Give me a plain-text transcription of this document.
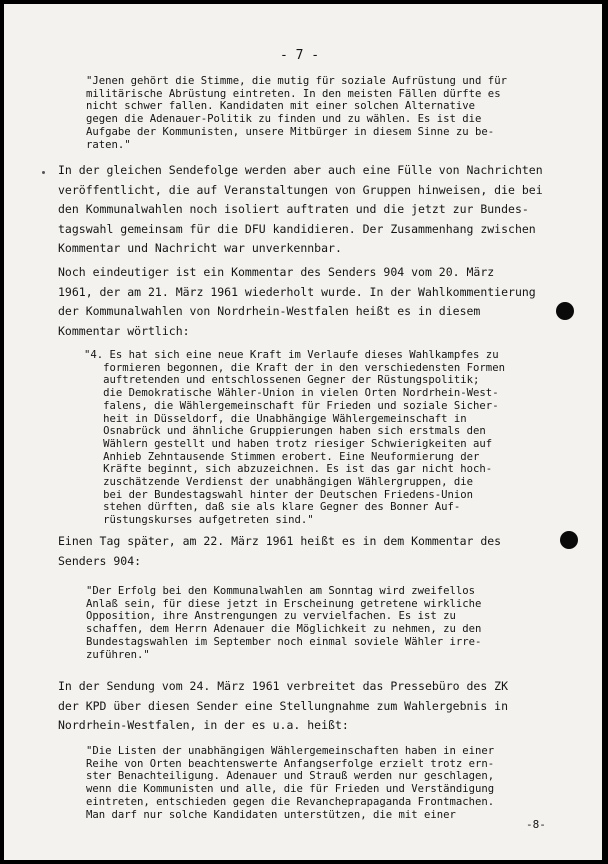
- 7 -
"Jenen gehört die Stimme, die mutig für soziale Aufrüstung und für
militärische Abrüstung eintreten. In den meisten Fällen dürfte es
nicht schwer fallen. Kandidaten mit einer solchen Alternative
gegen die Adenauer-Politik zu finden und zu wählen. Es ist die
Aufgabe der Kommunisten, unsere Mitbürger in diesem Sinne zu be-
raten."
In der gleichen Sendefolge werden aber auch eine Fülle von Nachrichten
veröffentlicht, die auf Veranstaltungen von Gruppen hinweisen, die bei
den Kommunalwahlen noch isoliert auftraten und die jetzt zur Bundes-
tagswahl gemeinsam für die DFU kandidieren. Der Zusammenhang zwischen
Kommentar und Nachricht war unverkennbar.
Noch eindeutiger ist ein Kommentar des Senders 904 vom 20. März
1961, der am 21. März 1961 wiederholt wurde. In der Wahlkommentierung
der Kommunalwahlen von Nordrhein-Westfalen heißt es in diesem
Kommentar wörtlich:
"4. Es hat sich eine neue Kraft im Verlaufe dieses Wahlkampfes zu
formieren begonnen, die Kraft der in den verschiedensten Formen
auftretenden und entschlossenen Gegner der Rüstungspolitik;
die Demokratische Wähler-Union in vielen Orten Nordrhein-West-
falens, die Wählergemeinschaft für Frieden und soziale Sicher-
heit in Düsseldorf, die Unabhängige Wählergemeinschaft in
Osnabrück und ähnliche Gruppierungen haben sich erstmals den
Wählern gestellt und haben trotz riesiger Schwierigkeiten auf
Anhieb Zehntausende Stimmen erobert. Eine Neuformierung der
Kräfte beginnt, sich abzuzeichnen. Es ist das gar nicht hoch-
zuschätzende Verdienst der unabhängigen Wählergruppen, die
bei der Bundestagswahl hinter der Deutschen Friedens-Union
stehen dürften, daß sie als klare Gegner des Bonner Auf-
rüstungskurses aufgetreten sind."
Einen Tag später, am 22. März 1961 heißt es in dem Kommentar des
Senders 904:
"Der Erfolg bei den Kommunalwahlen am Sonntag wird zweifellos
Anlaß sein, für diese jetzt in Erscheinung getretene wirkliche
Opposition, ihre Anstrengungen zu vervielfachen. Es ist zu
schaffen, dem Herrn Adenauer die Möglichkeit zu nehmen, zu den
Bundestagswahlen im September noch einmal soviele Wähler irre-
zuführen."
In der Sendung vom 24. März 1961 verbreitet das Pressebüro des ZK
der KPD über diesen Sender eine Stellungnahme zum Wahlergebnis in
Nordrhein-Westfalen, in der es u.a. heißt:
"Die Listen der unabhängigen Wählergemeinschaften haben in einer
Reihe von Orten beachtenswerte Anfangserfolge erzielt trotz ern-
ster Benachteiligung. Adenauer und Strauß werden nur geschlagen,
wenn die Kommunisten und alle, die für Frieden und Verständigung
eintreten, entschieden gegen die Revancheprapaganda Frontmachen.
Man darf nur solche Kandidaten unterstützen, die mit einer
-8-
